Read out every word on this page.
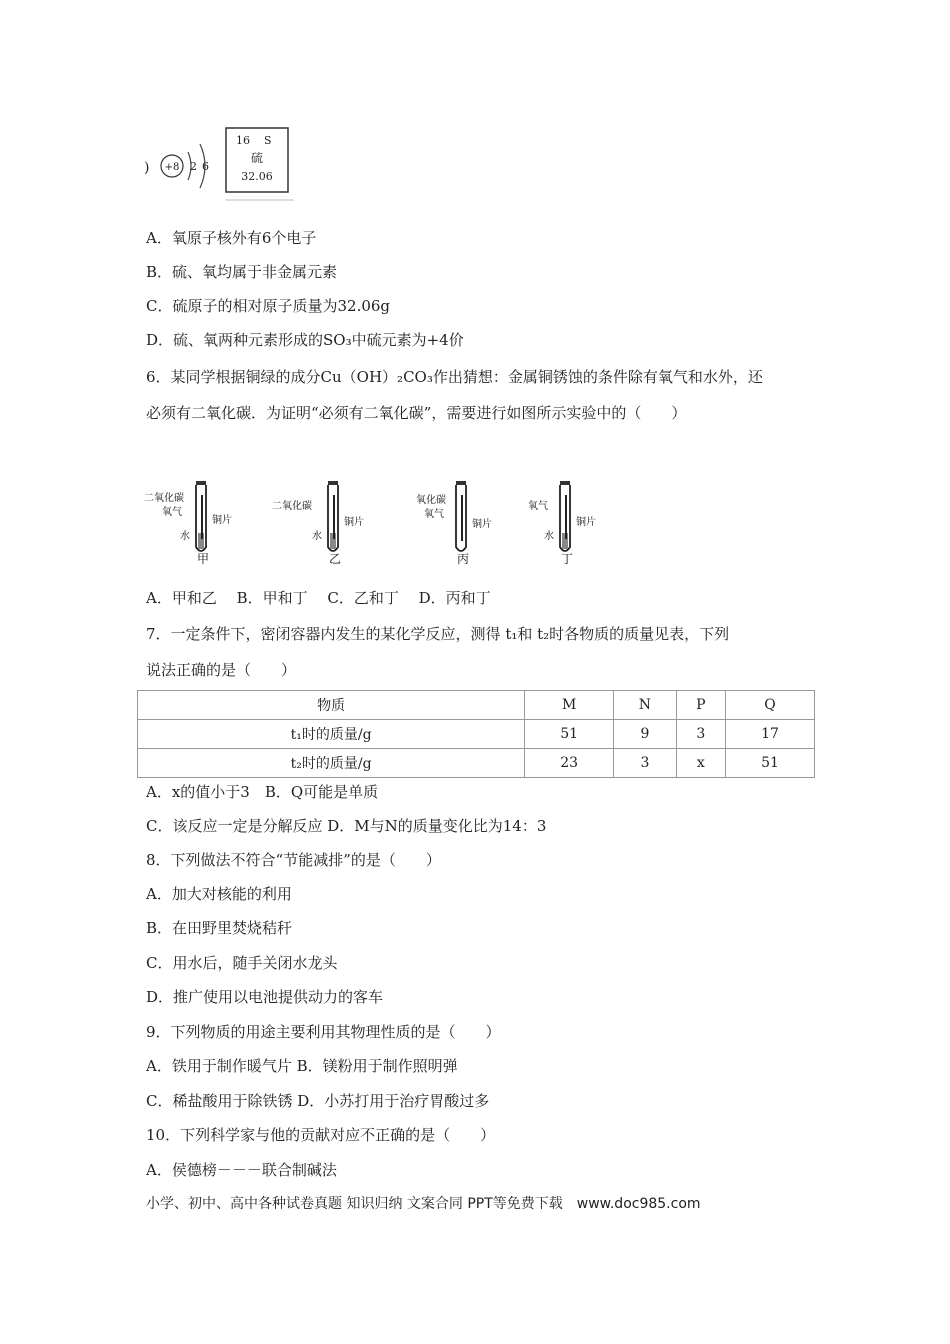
) +8 2 6
16 S
硫
32.06
A．氧原子核外有6个电子
B．硫、氧均属于非金属元素
C．硫原子的相对原子质量为32.06g
D．硫、氧两种元素形成的SO₃中硫元素为+4价
6．某同学根据铜绿的成分Cu（OH）₂CO₃作出猜想：金属铜锈蚀的条件除有氧气和水外，还
必须有二氧化碳．为证明“必须有二氧化碳”，需要进行如图所示实验中的（　　）
二氧化碳
氧气
铜片
水
甲
二氧化碳
铜片
水
乙
氧化碳
氧气
铜片
丙
氧气
铜片
水
丁
A．甲和乙　 B．甲和丁　 C．乙和丁　 D．丙和丁
7．一定条件下，密闭容器内发生的某化学反应，测得 t₁和 t₂时各物质的质量见表，下列
说法正确的是（　　）
物质	M	N	P	Q
t₁时的质量/g	51	9	3	17
t₂时的质量/g	23	3	x	51
A．x的值小于3　B．Q可能是单质
C．该反应一定是分解反应 D．M与N的质量变化比为14：3
8．下列做法不符合“节能减排”的是（　　）
A．加大对核能的利用
B．在田野里焚烧秸秆
C．用水后，随手关闭水龙头
D．推广使用以电池提供动力的客车
9．下列物质的用途主要利用其物理性质的是（　　）
A．铁用于制作暖气片 B．镁粉用于制作照明弹
C．稀盐酸用于除铁锈 D．小苏打用于治疗胃酸过多
10．下列科学家与他的贡献对应不正确的是（　　）
A．侯德榜－－－联合制碱法
小学、初中、高中各种试卷真题 知识归纳 文案合同 PPT等免费下载　www.doc985.com
